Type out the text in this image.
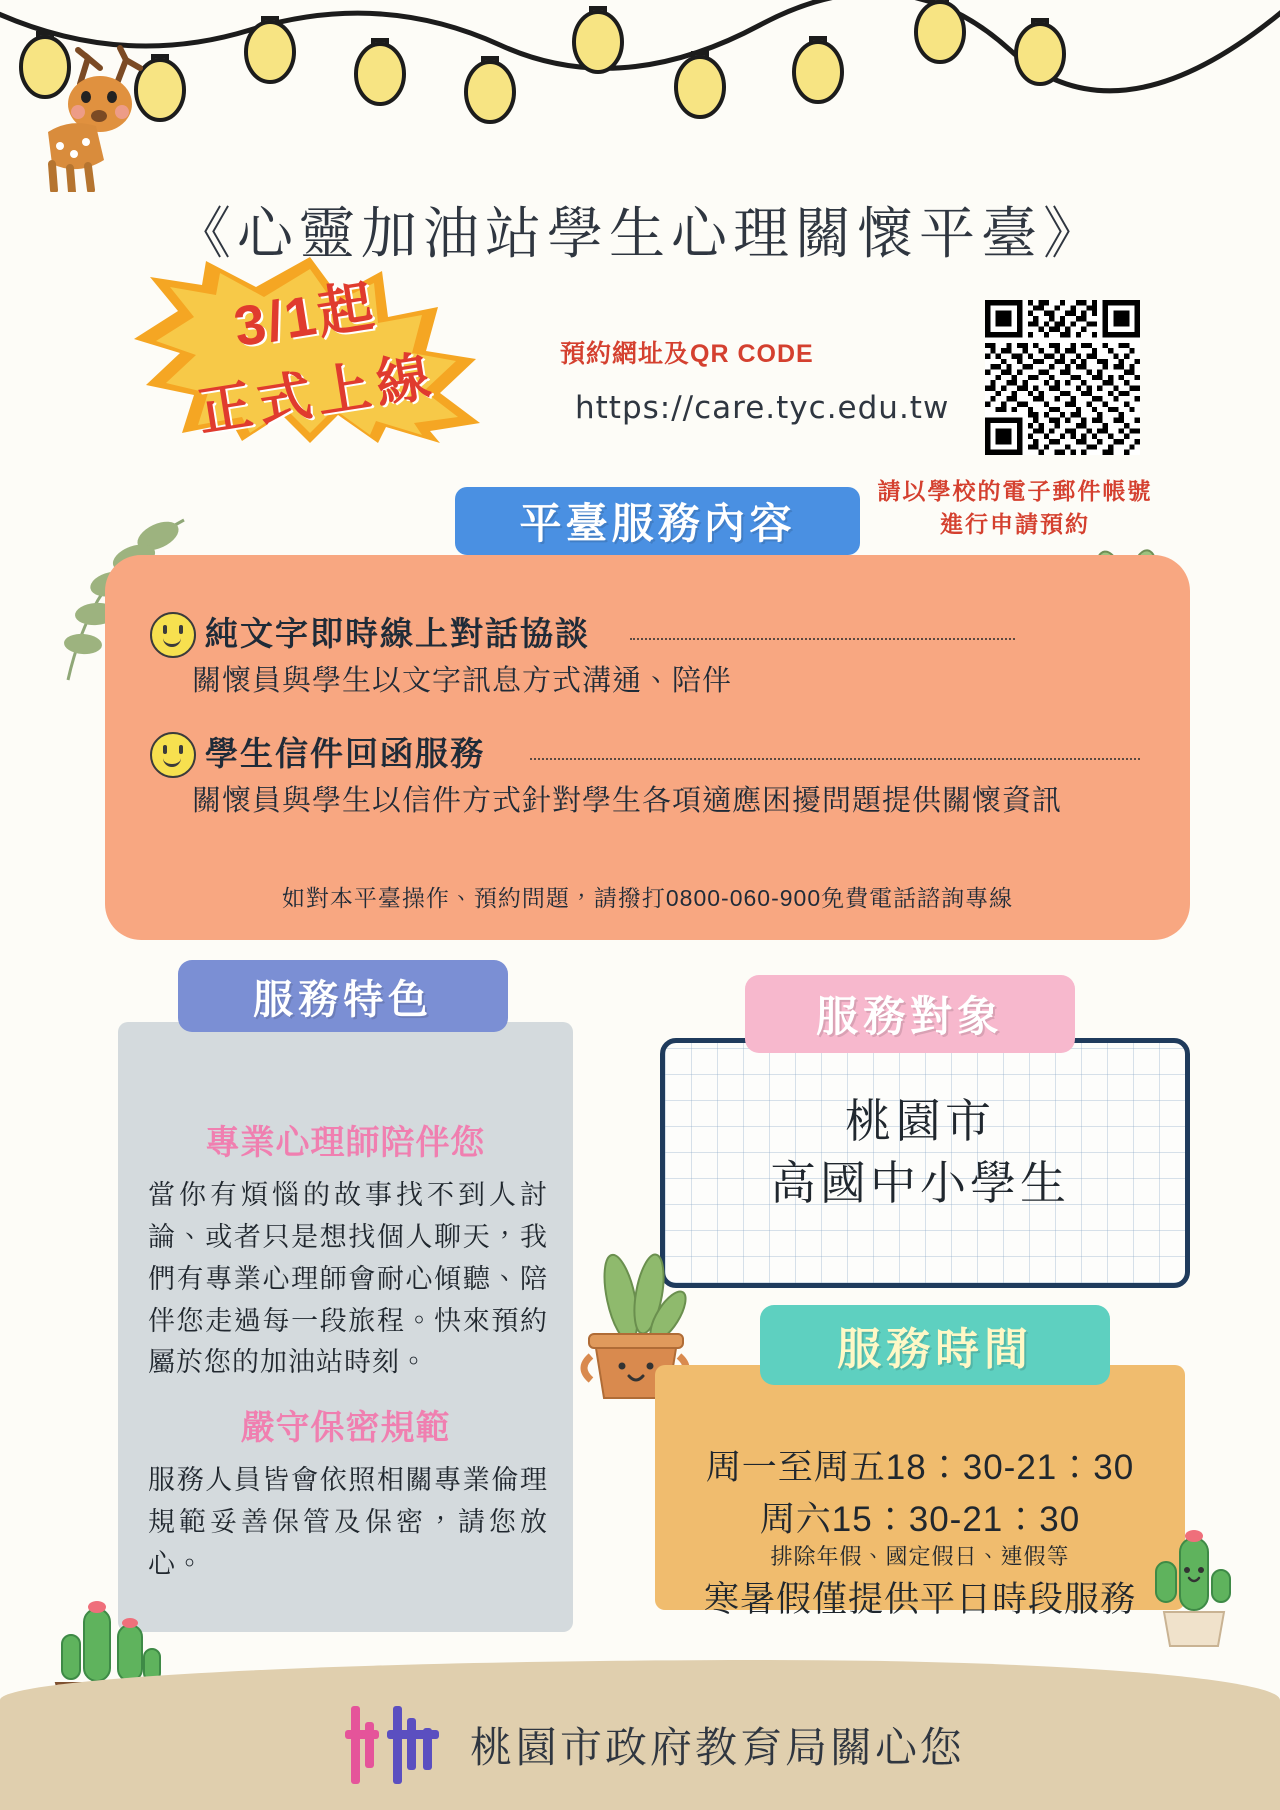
《心靈加油站學生心理關懷平臺》
3/1起
正式上線	預約網址及QR CODE
https://care.tyc.edu.tw
請以學校的電子郵件帳號
進行申請預約
平臺服務內容
純文字即時線上對話協談
關懷員與學生以文字訊息方式溝通、陪伴
學生信件回函服務
關懷員與學生以信件方式針對學生各項適應困擾問題提供關懷資訊
如對本平臺操作、預約問題，請撥打0800-060-900免費電話諮詢專線
服務特色
專業心理師陪伴您
當你有煩惱的故事找不到人討論、或者只是想找個人聊天，我們有專業心理師會耐心傾聽、陪伴您走過每一段旅程。快來預約屬於您的加油站時刻。
嚴守保密規範
服務人員皆會依照相關專業倫理規範妥善保管及保密，請您放心。
服務對象
桃園市
高國中小學生
服務時間
周一至周五18：30-21：30
周六15：30-21：30
排除年假、國定假日、連假等
寒暑假僅提供平日時段服務
桃園市政府教育局關心您
